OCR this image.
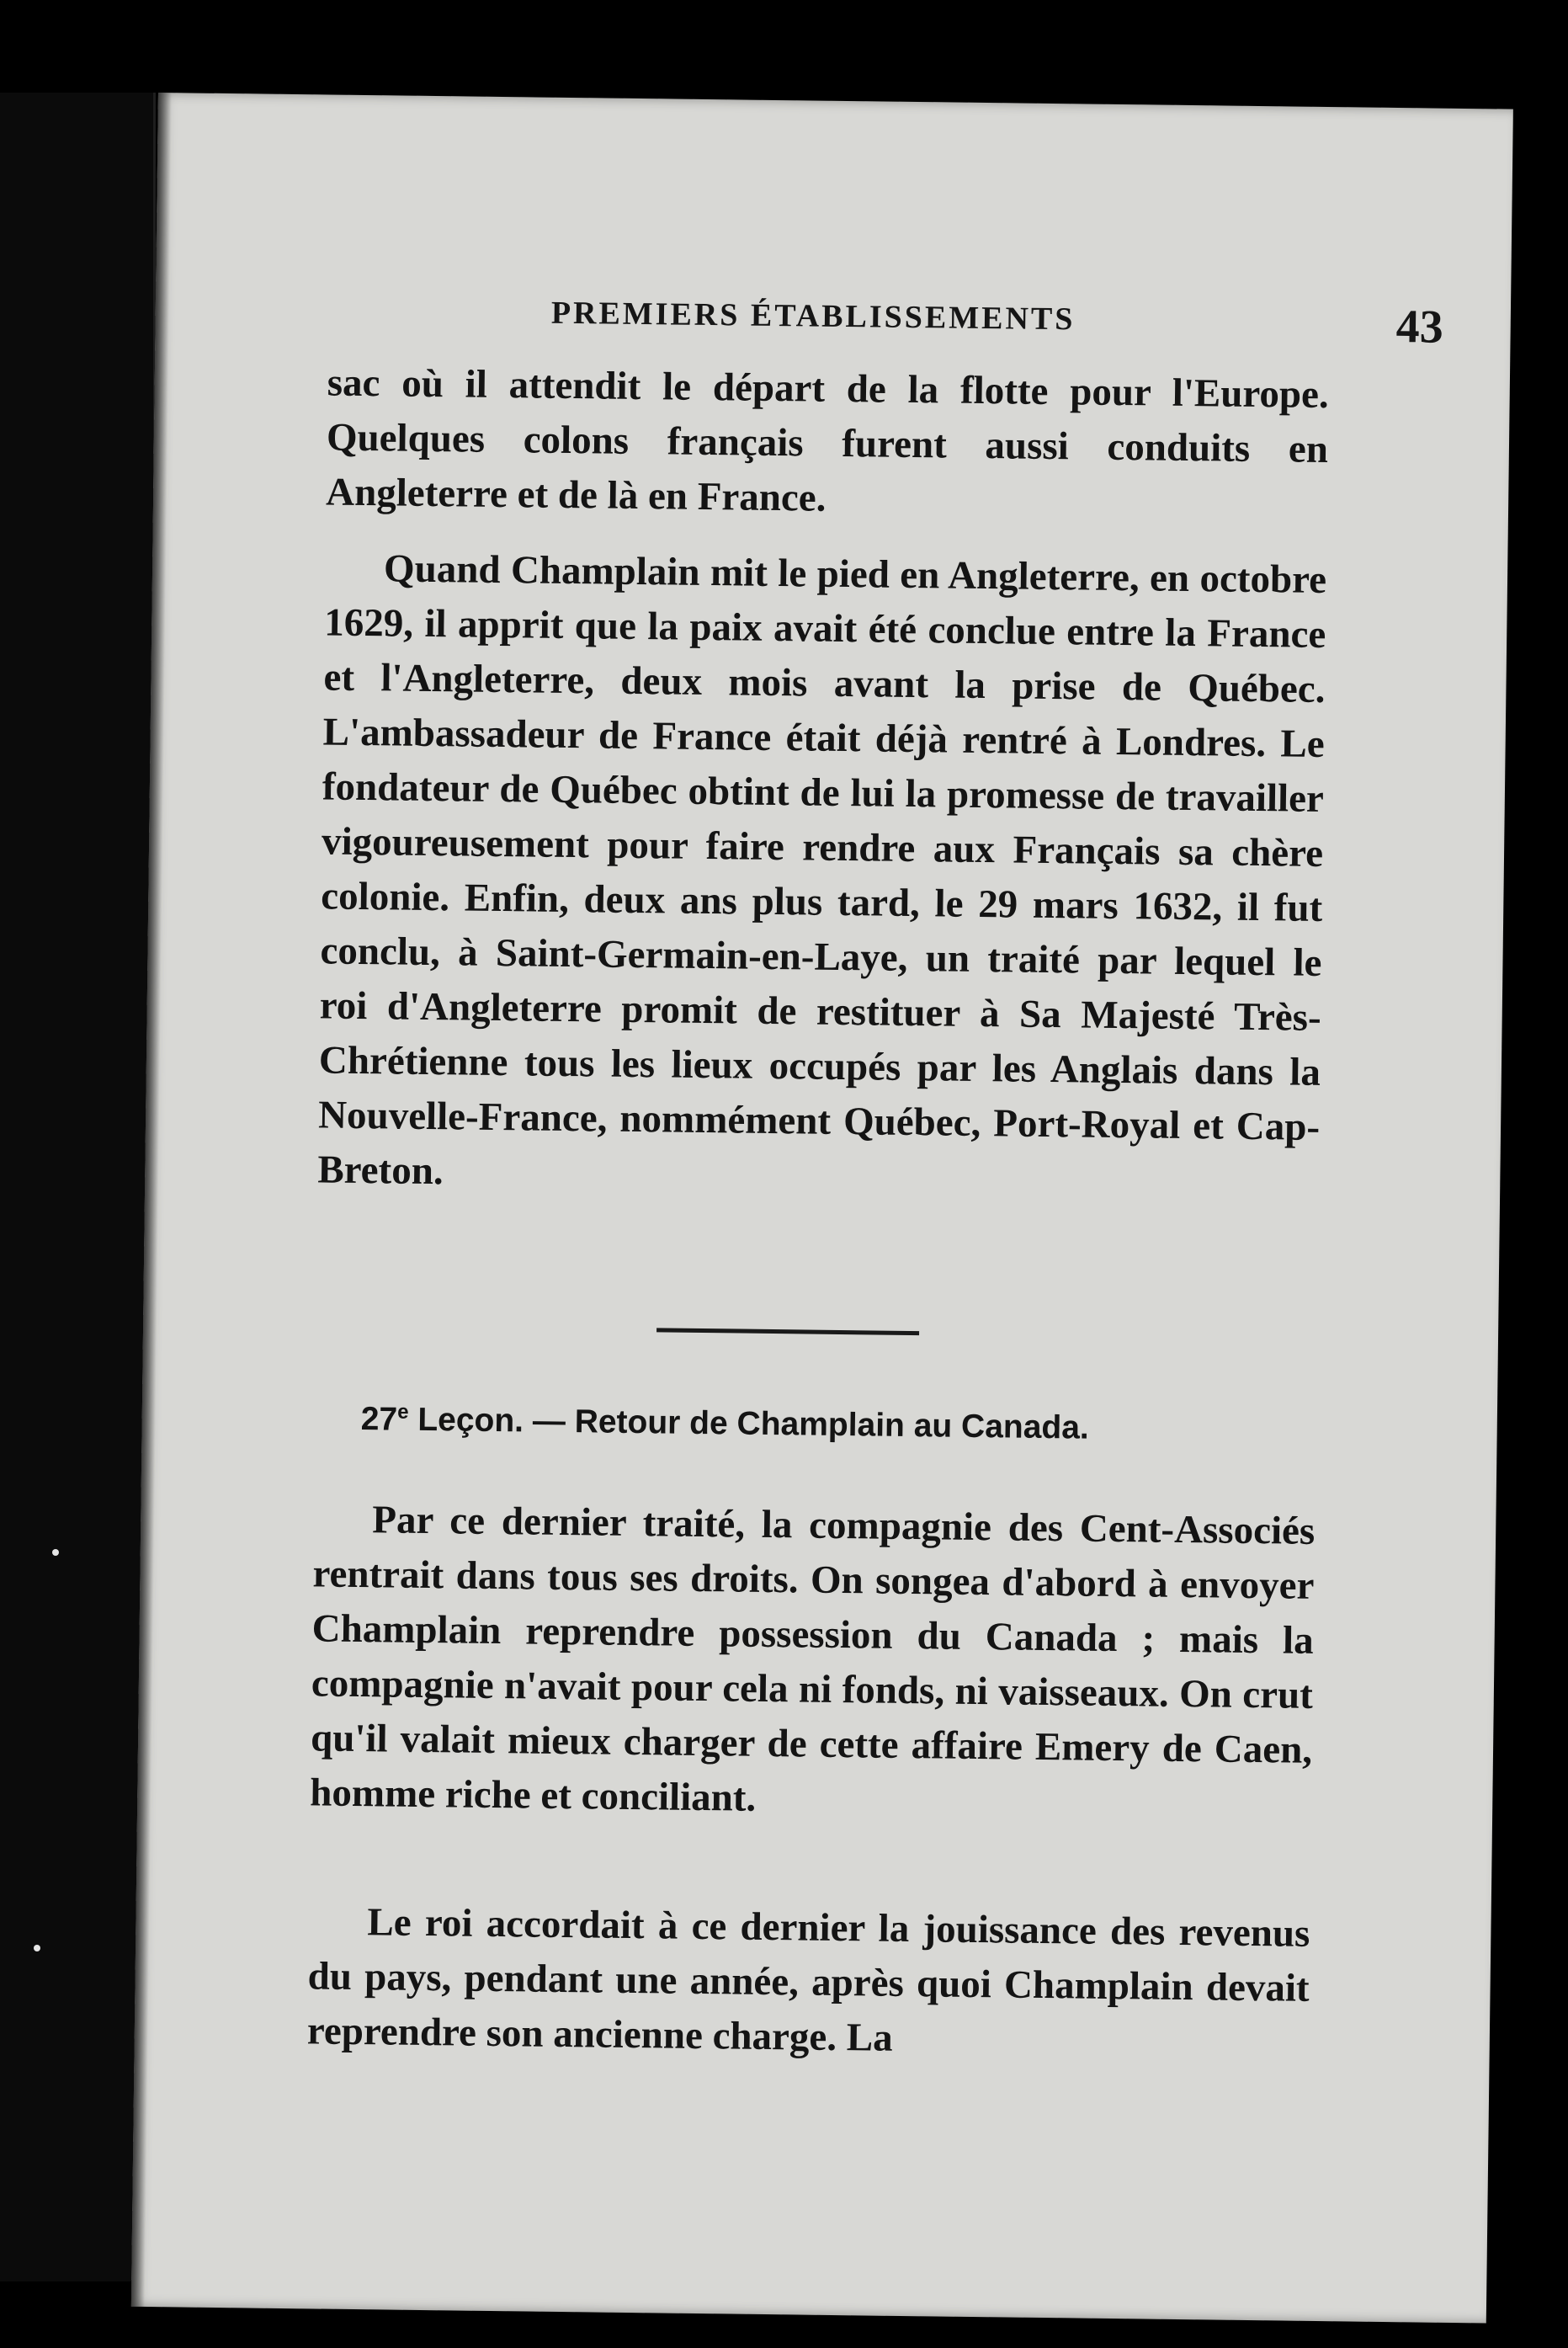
PREMIERS ÉTABLISSEMENTS	43

sac où il attendit le départ de la flotte pour l'Europe. Quelques colons français furent aussi conduits en Angleterre et de là en France.

Quand Champlain mit le pied en Angleterre, en octobre 1629, il apprit que la paix avait été conclue entre la France et l'Angleterre, deux mois avant la prise de Québec. L'ambassadeur de France était déjà rentré à Londres. Le fondateur de Québec obtint de lui la promesse de travailler vigoureusement pour faire rendre aux Français sa chère colonie. Enfin, deux ans plus tard, le 29 mars 1632, il fut conclu, à Saint-Germain-en-Laye, un traité par lequel le roi d'Angleterre promit de restituer à Sa Majesté Très-Chrétienne tous les lieux occupés par les Anglais dans la Nouvelle-France, nommément Québec, Port-Royal et Cap-Breton.

27e Leçon. — Retour de Champlain au Canada.

Par ce dernier traité, la compagnie des Cent-Associés rentrait dans tous ses droits. On songea d'abord à envoyer Champlain reprendre possession du Canada ; mais la compagnie n'avait pour cela ni fonds, ni vaisseaux. On crut qu'il valait mieux charger de cette affaire Emery de Caen, homme riche et conciliant.

Le roi accordait à ce dernier la jouissance des revenus du pays, pendant une année, après quoi Champlain devait reprendre son ancienne charge. La
